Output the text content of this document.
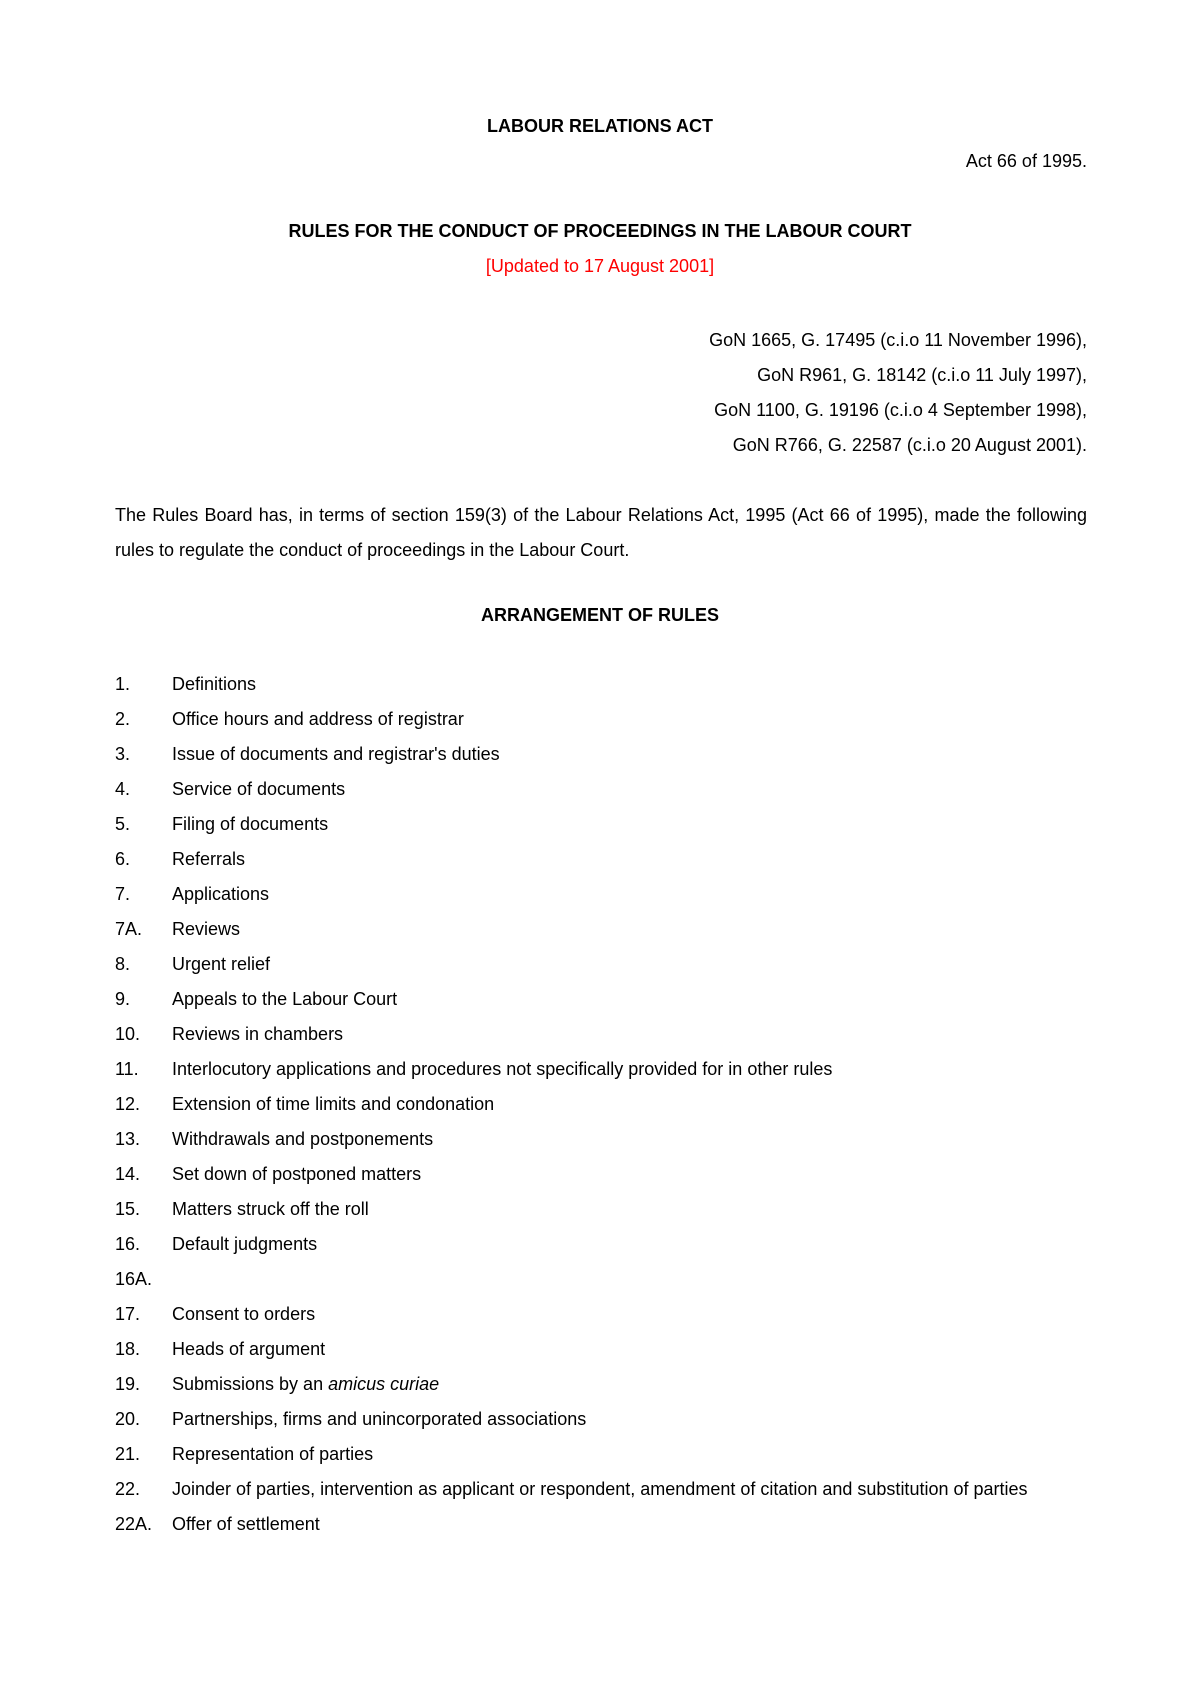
LABOUR RELATIONS ACT
Act 66 of 1995.
RULES FOR THE CONDUCT OF PROCEEDINGS IN THE LABOUR COURT
[Updated to 17 August 2001]
GoN 1665, G. 17495 (c.i.o 11 November 1996),
GoN R961, G. 18142 (c.i.o 11 July 1997),
GoN 1100, G. 19196 (c.i.o 4 September 1998),
GoN R766, G. 22587 (c.i.o 20 August 2001).

The Rules Board has, in terms of section 159(3) of the Labour Relations Act, 1995 (Act 66 of 1995), made the following rules to regulate the conduct of proceedings in the Labour Court.

ARRANGEMENT OF RULES
1.	Definitions
2.	Office hours and address of registrar
3.	Issue of documents and registrar's duties
4.	Service of documents
5.	Filing of documents
6.	Referrals
7.	Applications
7A.	Reviews
8.	Urgent relief
9.	Appeals to the Labour Court
10.	Reviews in chambers
11.	Interlocutory applications and procedures not specifically provided for in other rules
12.	Extension of time limits and condonation
13.	Withdrawals and postponements
14.	Set down of postponed matters
15.	Matters struck off the roll
16.	Default judgments
16A.
17.	Consent to orders
18.	Heads of argument
19.	Submissions by an amicus curiae
20.	Partnerships, firms and unincorporated associations
21.	Representation of parties
22.	Joinder of parties, intervention as applicant or respondent, amendment of citation and substitution of parties
22A.	Offer of settlement
